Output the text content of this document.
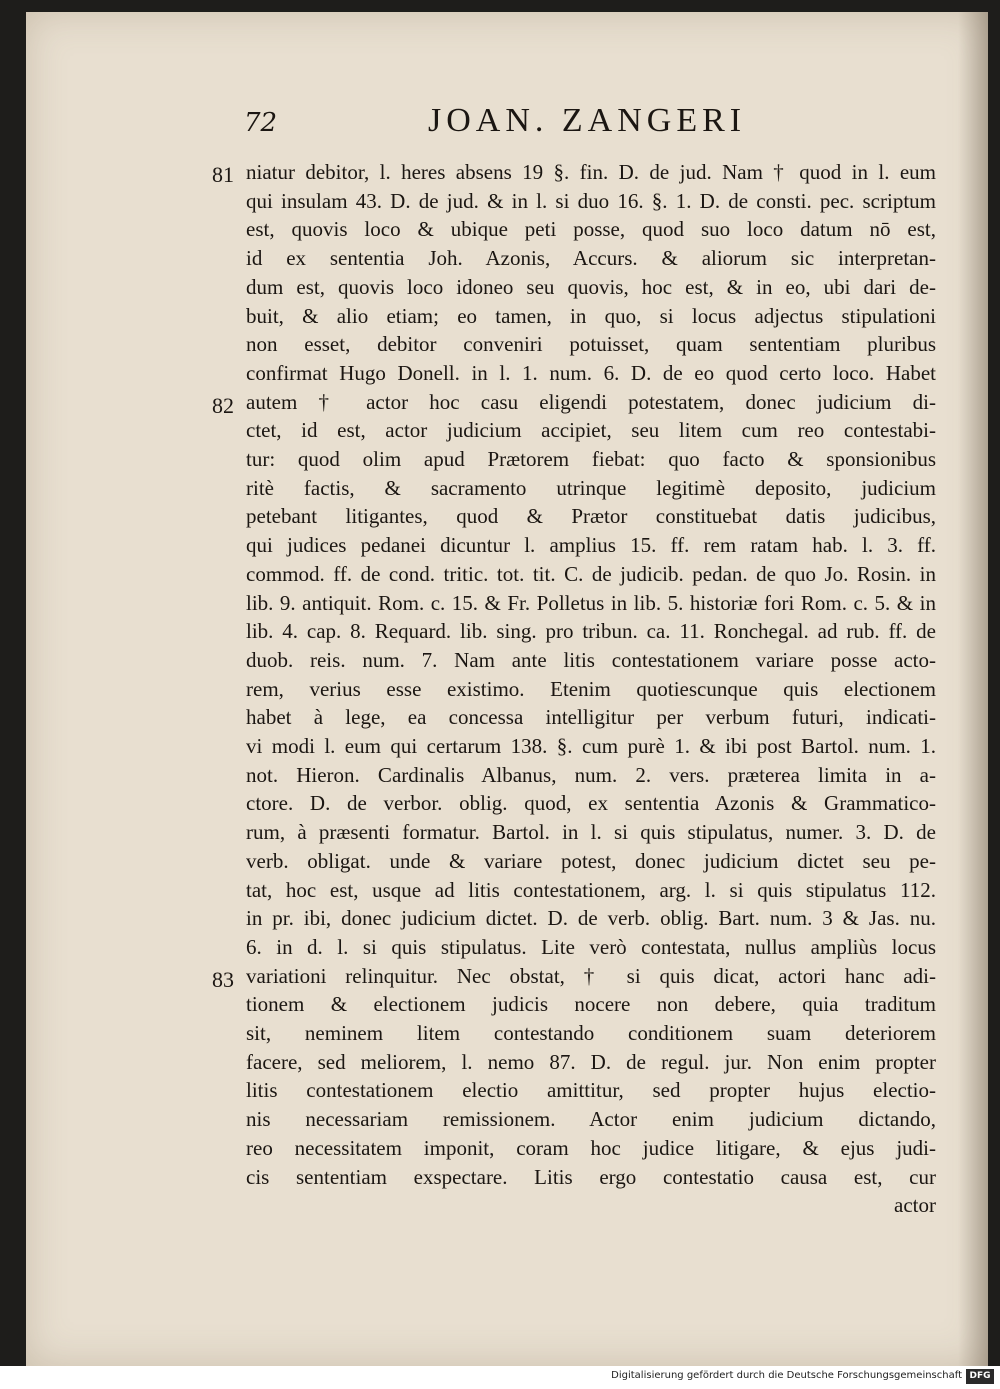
72	JOAN. ZANGERI
81
82
83
niatur debitor, l. heres absens 19 §. fin. D. de jud. Nam † quod in l. eum
qui insulam 43. D. de jud. & in l. si duo 16. §. 1. D. de consti. pec. scriptum
est, quovis loco & ubique peti posse, quod suo loco datum nō est,
id ex sententia Joh. Azonis, Accurs. & aliorum sic interpretan-
dum est, quovis loco idoneo seu quovis, hoc est, & in eo, ubi dari de-
buit, & alio etiam; eo tamen, in quo, si locus adjectus stipulationi
non esset, debitor conveniri potuisset, quam sententiam pluribus
confirmat Hugo Donell. in l. 1. num. 6. D. de eo quod certo loco. Habet
autem † actor hoc casu eligendi potestatem, donec judicium di-
ctet, id est, actor judicium accipiet, seu litem cum reo contestabi-
tur: quod olim apud Prætorem fiebat: quo facto & sponsionibus
ritè factis, & sacramento utrinque legitimè deposito, judicium
petebant litigantes, quod & Prætor constituebat datis judicibus,
qui judices pedanei dicuntur l. amplius 15. ff. rem ratam hab. l. 3. ff.
commod. ff. de cond. tritic. tot. tit. C. de judicib. pedan. de quo Jo. Rosin. in
lib. 9. antiquit. Rom. c. 15. & Fr. Polletus in lib. 5. historiæ fori Rom. c. 5. & in
lib. 4. cap. 8. Requard. lib. sing. pro tribun. ca. 11. Ronchegal. ad rub. ff. de
duob. reis. num. 7. Nam ante litis contestationem variare posse acto-
rem, verius esse existimo. Etenim quotiescunque quis electionem
habet à lege, ea concessa intelligitur per verbum futuri, indicati-
vi modi l. eum qui certarum 138. §. cum purè 1. & ibi post Bartol. num. 1.
not. Hieron. Cardinalis Albanus, num. 2. vers. præterea limita in a-
ctore. D. de verbor. oblig. quod, ex sententia Azonis & Grammatico-
rum, à præsenti formatur. Bartol. in l. si quis stipulatus, numer. 3. D. de
verb. obligat. unde & variare potest, donec judicium dictet seu pe-
tat, hoc est, usque ad litis contestationem, arg. l. si quis stipulatus 112.
in pr. ibi, donec judicium dictet. D. de verb. oblig. Bart. num. 3 & Jas. nu.
6. in d. l. si quis stipulatus. Lite verò contestata, nullus ampliùs locus
variationi relinquitur. Nec obstat, † si quis dicat, actori hanc adi-
tionem & electionem judicis nocere non debere, quia traditum
sit, neminem litem contestando conditionem suam deteriorem
facere, sed meliorem, l. nemo 87. D. de regul. jur. Non enim propter
litis contestationem electio amittitur, sed propter hujus electio-
nis necessariam remissionem. Actor enim judicium dictando,
reo necessitatem imponit, coram hoc judice litigare, & ejus judi-
cis sententiam exspectare. Litis ergo contestatio causa est, cur
actor
Digitalisierung gefördert durch die Deutsche Forschungsgemeinschaft DFG
